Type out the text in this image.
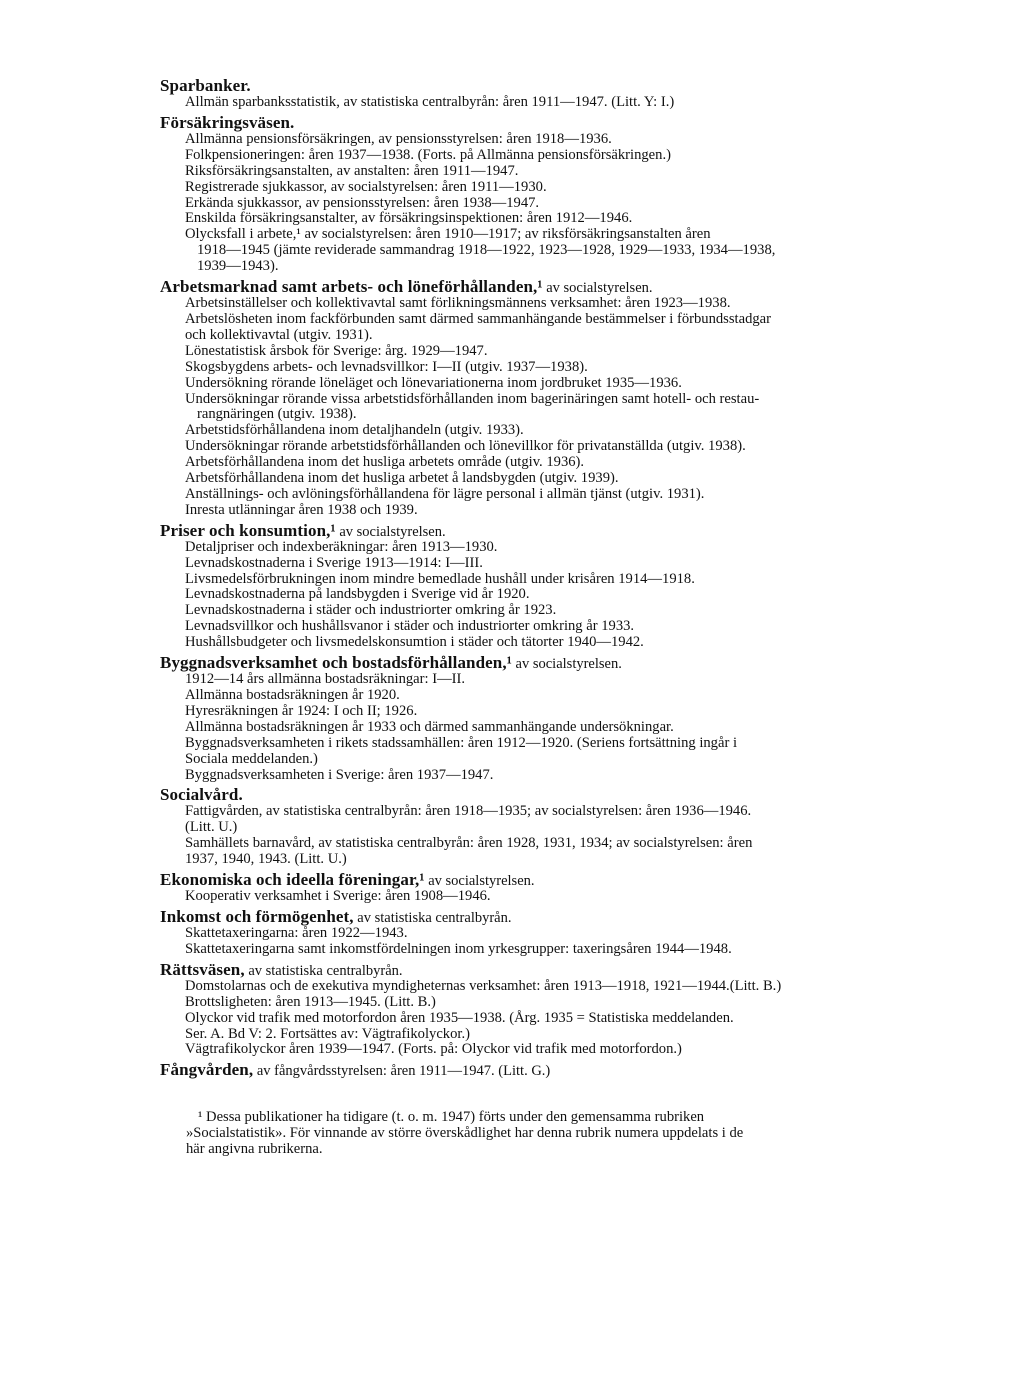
Sparbanker.
Allmän sparbanksstatistik, av statistiska centralbyrån: åren 1911—1947. (Litt. Y: I.)
Försäkringsväsen.
Allmänna pensionsförsäkringen, av pensionsstyrelsen: åren 1918—1936.
Folkpensioneringen: åren 1937—1938. (Forts. på Allmänna pensionsförsäkringen.)
Riksförsäkringsanstalten, av anstalten: åren 1911—1947.
Registrerade sjukkassor, av socialstyrelsen: åren 1911—1930.
Erkända sjukkassor, av pensionsstyrelsen: åren 1938—1947.
Enskilda försäkringsanstalter, av försäkringsinspektionen: åren 1912—1946.
Olycksfall i arbete,¹ av socialstyrelsen: åren 1910—1917; av riksförsäkringsanstalten åren
1918—1945 (jämte reviderade sammandrag 1918—1922, 1923—1928, 1929—1933, 1934—1938,
1939—1943).
Arbetsmarknad samt arbets- och löneförhållanden,¹ av socialstyrelsen.
Arbetsinställelser och kollektivavtal samt förlikningsmännens verksamhet: åren 1923—1938.
Arbetslösheten inom fackförbunden samt därmed sammanhängande bestämmelser i förbundsstadgar
och kollektivavtal (utgiv. 1931).
Lönestatistisk årsbok för Sverige: årg. 1929—1947.
Skogsbygdens arbets- och levnadsvillkor: I—II (utgiv. 1937—1938).
Undersökning rörande löneläget och lönevariationerna inom jordbruket 1935—1936.
Undersökningar rörande vissa arbetstidsförhållanden inom bagerinäringen samt hotell- och restau-
rangnäringen (utgiv. 1938).
Arbetstidsförhållandena inom detaljhandeln (utgiv. 1933).
Undersökningar rörande arbetstidsförhållanden och lönevillkor för privatanställda (utgiv. 1938).
Arbetsförhållandena inom det husliga arbetets område (utgiv. 1936).
Arbetsförhållandena inom det husliga arbetet å landsbygden (utgiv. 1939).
Anställnings- och avlöningsförhållandena för lägre personal i allmän tjänst (utgiv. 1931).
Inresta utlänningar åren 1938 och 1939.
Priser och konsumtion,¹ av socialstyrelsen.
Detaljpriser och indexberäkningar: åren 1913—1930.
Levnadskostnaderna i Sverige 1913—1914: I—III.
Livsmedelsförbrukningen inom mindre bemedlade hushåll under krisåren 1914—1918.
Levnadskostnaderna på landsbygden i Sverige vid år 1920.
Levnadskostnaderna i städer och industriorter omkring år 1923.
Levnadsvillkor och hushållsvanor i städer och industriorter omkring år 1933.
Hushållsbudgeter och livsmedelskonsumtion i städer och tätorter 1940—1942.
Byggnadsverksamhet och bostadsförhållanden,¹ av socialstyrelsen.
1912—14 års allmänna bostadsräkningar: I—II.
Allmänna bostadsräkningen år 1920.
Hyresräkningen år 1924: I och II; 1926.
Allmänna bostadsräkningen år 1933 och därmed sammanhängande undersökningar.
Byggnadsverksamheten i rikets stadssamhällen: åren 1912—1920. (Seriens fortsättning ingår i
Sociala meddelanden.)
Byggnadsverksamheten i Sverige: åren 1937—1947.
Socialvård.
Fattigvården, av statistiska centralbyrån: åren 1918—1935; av socialstyrelsen: åren 1936—1946.
(Litt. U.)
Samhällets barnavård, av statistiska centralbyrån: åren 1928, 1931, 1934; av socialstyrelsen: åren
1937, 1940, 1943. (Litt. U.)
Ekonomiska och ideella föreningar,¹ av socialstyrelsen.
Kooperativ verksamhet i Sverige: åren 1908—1946.
Inkomst och förmögenhet, av statistiska centralbyrån.
Skattetaxeringarna: åren 1922—1943.
Skattetaxeringarna samt inkomstfördelningen inom yrkesgrupper: taxeringsåren 1944—1948.
Rättsväsen, av statistiska centralbyrån.
Domstolarnas och de exekutiva myndigheternas verksamhet: åren 1913—1918, 1921—1944.(Litt. B.)
Brottsligheten: åren 1913—1945. (Litt. B.)
Olyckor vid trafik med motorfordon åren 1935—1938. (Årg. 1935 = Statistiska meddelanden.
Ser. A. Bd V: 2. Fortsättes av: Vägtrafikolyckor.)
Vägtrafikolyckor åren 1939—1947. (Forts. på: Olyckor vid trafik med motorfordon.)
Fångvården, av fångvårdsstyrelsen: åren 1911—1947. (Litt. G.)
¹ Dessa publikationer ha tidigare (t. o. m. 1947) förts under den gemensamma rubriken
»Socialstatistik». För vinnande av större överskådlighet har denna rubrik numera uppdelats i de
här angivna rubrikerna.
